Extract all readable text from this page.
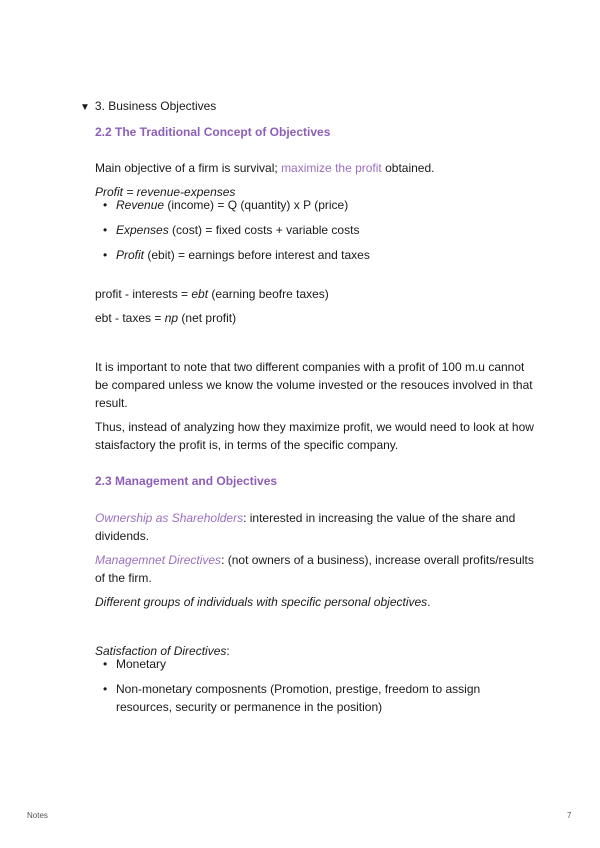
▼ 3. Business Objectives
2.2 The Traditional Concept of Objectives

Main objective of a firm is survival; maximize the profit obtained.

Profit = revenue-expenses

• Revenue (income) = Q (quantity) x P (price)
• Expenses (cost) = fixed costs + variable costs
• Profit (ebit) = earnings before interest and taxes

profit - interests = ebt (earning beofre taxes)

ebt - taxes = np (net profit)

It is important to note that two different companies with a profit of 100 m.u cannot be compared unless we know the volume invested or the resouces involved in that result.

Thus, instead of analyzing how they maximize profit, we would need to look at how staisfactory the profit is, in terms of the specific company.

2.3 Management and Objectives

Ownership as Shareholders: interested in increasing the value of the share and dividends.

Managemnet Directives: (not owners of a business), increase overall profits/results of the firm.

Different groups of individuals with specific personal objectives.

Satisfaction of Directives:

• Monetary
• Non-monetary composnents (Promotion, prestige, freedom to assign resources, security or permanence in the position)
Notes	7
